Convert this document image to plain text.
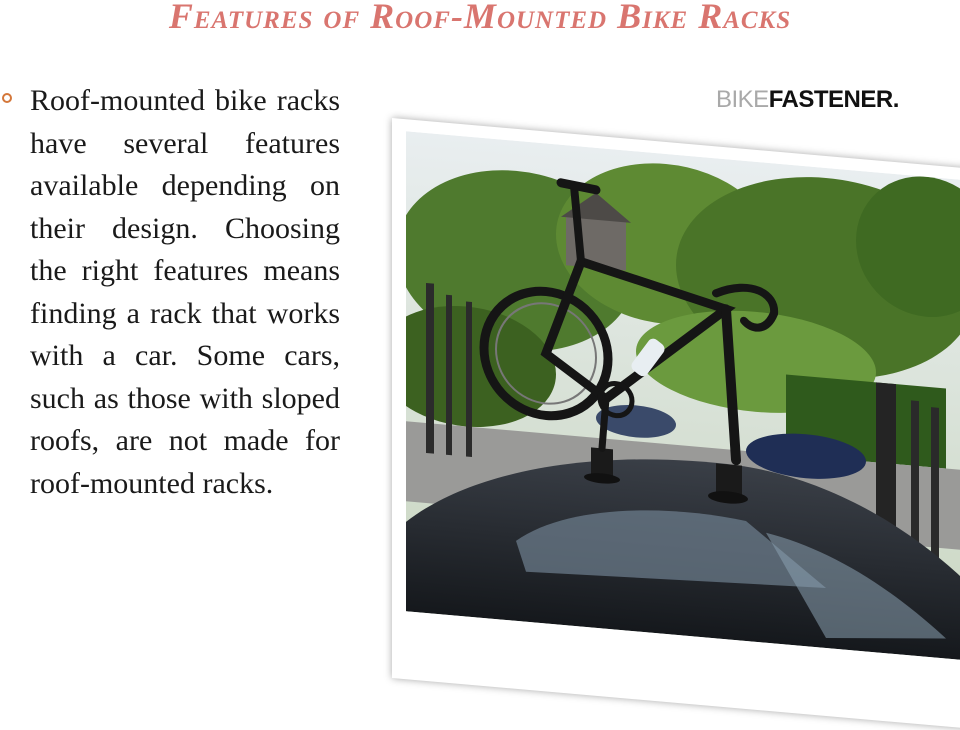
Features of Roof-Mounted Bike Racks

Roof-mounted bike racks have several features available depending on their design. Choosing the right features means finding a rack that works with a car. Some cars, such as those with sloped roofs, are not made for roof-mounted racks.

BIKEFASTENER.
